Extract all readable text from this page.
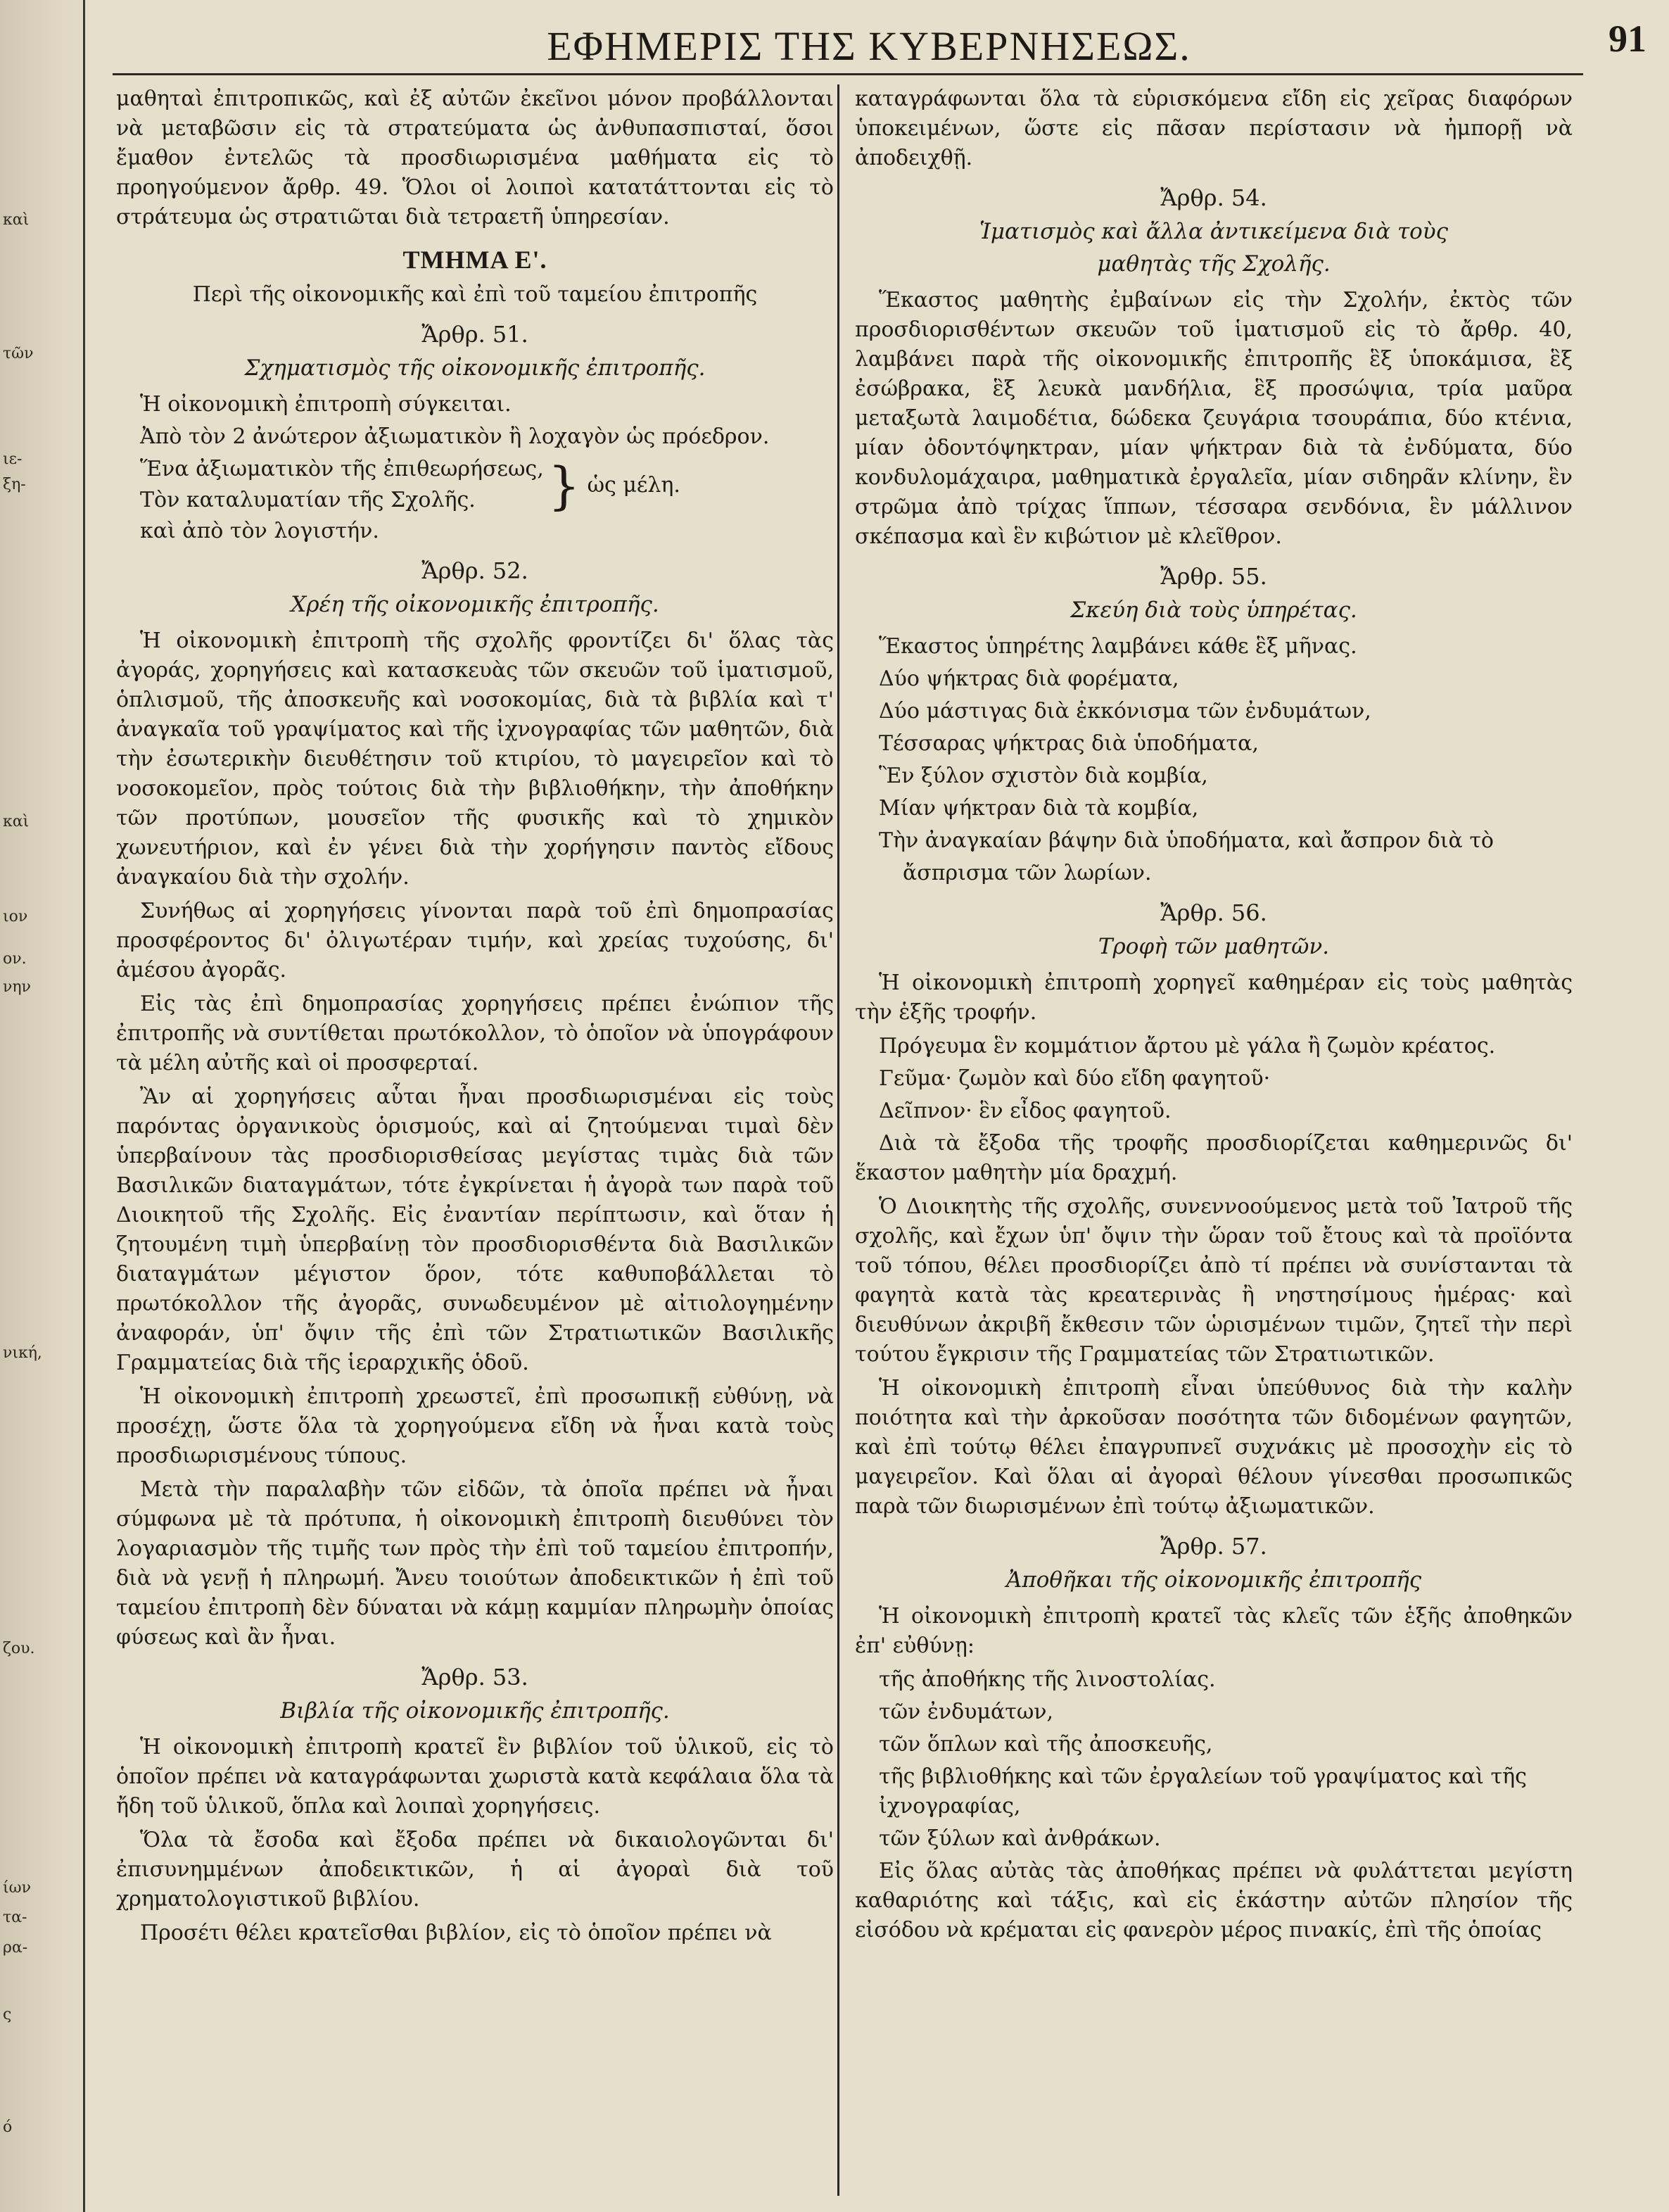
καὶ
τῶν
ιε-
ξη-
καὶ
ιον
ον.
νην
νική,
ζου.
ίων
τα-
ρα-
ς
ό
ΕΦΗΜΕΡΙΣ ΤΗΣ ΚΥΒΕΡΝΗΣΕΩΣ.	91

μαθηταὶ ἐπιτροπικῶς, καὶ ἐξ αὐτῶν ἐκεῖνοι μόνον προβάλλονται νὰ μεταβῶσιν εἰς τὰ στρατεύματα ὡς ἀνθυπασπισταί, ὅσοι ἔμαθον ἐντελῶς τὰ προσδιωρισμένα μαθήματα εἰς τὸ προηγούμενον ἄρθρ. 49. Ὅλοι οἱ λοιποὶ κατατάττονται εἰς τὸ στράτευμα ὡς στρατιῶται διὰ τετραετῆ ὑπηρεσίαν.

ΤΜΗΜΑ Ε'.
Περὶ τῆς οἰκονομικῆς καὶ ἐπὶ τοῦ ταμείου ἐπιτροπῆς
Ἄρθρ. 51.
Σχηματισμὸς τῆς οἰκονομικῆς ἐπιτροπῆς.
Ἡ οἰκονομικὴ ἐπιτροπὴ σύγκειται.
Ἀπὸ τὸν 2 ἀνώτερον ἀξιωματικὸν ἢ λοχαγὸν ὡς πρόεδρον.
Ἕνα ἀξιωματικὸν τῆς ἐπιθεωρήσεως,
Τὸν καταλυματίαν τῆς Σχολῆς.	} ὡς μέλη.
καὶ ἀπὸ τὸν λογιστήν.
Ἄρθρ. 52.
Χρέη τῆς οἰκονομικῆς ἐπιτροπῆς.

Ἡ οἰκονομικὴ ἐπιτροπὴ τῆς σχολῆς φροντίζει δι' ὅλας τὰς ἀγοράς, χορηγήσεις καὶ κατασκευὰς τῶν σκευῶν τοῦ ἱματισμοῦ, ὁπλισμοῦ, τῆς ἀποσκευῆς καὶ νοσοκομίας, διὰ τὰ βιβλία καὶ τ' ἀναγκαῖα τοῦ γραψίματος καὶ τῆς ἰχνογραφίας τῶν μαθητῶν, διὰ τὴν ἐσωτερικὴν διευθέτησιν τοῦ κτιρίου, τὸ μαγειρεῖον καὶ τὸ νοσοκομεῖον, πρὸς τούτοις διὰ τὴν βιβλιοθήκην, τὴν ἀποθήκην τῶν προτύπων, μουσεῖον τῆς φυσικῆς καὶ τὸ χημικὸν χωνευτήριον, καὶ ἐν γένει διὰ τὴν χορήγησιν παντὸς εἴδους ἀναγκαίου διὰ τὴν σχολήν.

Συνήθως αἱ χορηγήσεις γίνονται παρὰ τοῦ ἐπὶ δημοπρασίας προσφέροντος δι' ὀλιγωτέραν τιμήν, καὶ χρείας τυχούσης, δι' ἀμέσου ἀγορᾶς.

Εἰς τὰς ἐπὶ δημοπρασίας χορηγήσεις πρέπει ἐνώπιον τῆς ἐπιτροπῆς νὰ συντίθεται πρωτόκολλον, τὸ ὁποῖον νὰ ὑπογράφουν τὰ μέλη αὐτῆς καὶ οἱ προσφερταί.

Ἂν αἱ χορηγήσεις αὗται ἦναι προσδιωρισμέναι εἰς τοὺς παρόντας ὀργανικοὺς ὁρισμούς, καὶ αἱ ζητούμεναι τιμαὶ δὲν ὑπερβαίνουν τὰς προσδιορισθείσας μεγίστας τιμὰς διὰ τῶν Βασιλικῶν διαταγμάτων, τότε ἐγκρίνεται ἡ ἀγορὰ των παρὰ τοῦ Διοικητοῦ τῆς Σχολῆς. Εἰς ἐναντίαν περίπτωσιν, καὶ ὅταν ἡ ζητουμένη τιμὴ ὑπερβαίνῃ τὸν προσδιορισθέντα διὰ Βασιλικῶν διαταγμάτων μέγιστον ὅρον, τότε καθυποβάλλεται τὸ πρωτόκολλον τῆς ἀγορᾶς, συνωδευμένον μὲ αἰτιολογημένην ἀναφοράν, ὑπ' ὄψιν τῆς ἐπὶ τῶν Στρατιωτικῶν Βασιλικῆς Γραμματείας διὰ τῆς ἱεραρχικῆς ὁδοῦ.

Ἡ οἰκονομικὴ ἐπιτροπὴ χρεωστεῖ, ἐπὶ προσωπικῇ εὐθύνῃ, νὰ προσέχῃ, ὥστε ὅλα τὰ χορηγούμενα εἴδη νὰ ἦναι κατὰ τοὺς προσδιωρισμένους τύπους.

Μετὰ τὴν παραλαβὴν τῶν εἰδῶν, τὰ ὁποῖα πρέπει νὰ ἦναι σύμφωνα μὲ τὰ πρότυπα, ἡ οἰκονομικὴ ἐπιτροπὴ διευθύνει τὸν λογαριασμὸν τῆς τιμῆς των πρὸς τὴν ἐπὶ τοῦ ταμείου ἐπιτροπήν, διὰ νὰ γενῇ ἡ πληρωμή. Ἄνευ τοιούτων ἀποδεικτικῶν ἡ ἐπὶ τοῦ ταμείου ἐπιτροπὴ δὲν δύναται νὰ κάμῃ καμμίαν πληρωμὴν ὁποίας φύσεως καὶ ἂν ἦναι.

Ἄρθρ. 53.
Βιβλία τῆς οἰκονομικῆς ἐπιτροπῆς.

Ἡ οἰκονομικὴ ἐπιτροπὴ κρατεῖ ἓν βιβλίον τοῦ ὑλικοῦ, εἰς τὸ ὁποῖον πρέπει νὰ καταγράφωνται χωριστὰ κατὰ κεφάλαια ὅλα τὰ ἤδη τοῦ ὑλικοῦ, ὅπλα καὶ λοιπαὶ χορηγήσεις.

Ὅλα τὰ ἔσοδα καὶ ἔξοδα πρέπει νὰ δικαιολογῶνται δι' ἐπισυνημμένων ἀποδεικτικῶν, ἡ αἱ ἀγοραὶ διὰ τοῦ χρηματολογιστικοῦ βιβλίου.

Προσέτι θέλει κρατεῖσθαι βιβλίον, εἰς τὸ ὁποῖον πρέπει νὰ

καταγράφωνται ὅλα τὰ εὑρισκόμενα εἴδη εἰς χεῖρας διαφόρων ὑποκειμένων, ὥστε εἰς πᾶσαν περίστασιν νὰ ἠμπορῇ νὰ ἀποδειχθῇ.

Ἄρθρ. 54.
Ἱματισμὸς καὶ ἄλλα ἀντικείμενα διὰ τοὺς
μαθητὰς τῆς Σχολῆς.

Ἕκαστος μαθητὴς ἐμβαίνων εἰς τὴν Σχολήν, ἐκτὸς τῶν προσδιορισθέντων σκευῶν τοῦ ἱματισμοῦ εἰς τὸ ἄρθρ. 40, λαμβάνει παρὰ τῆς οἰκονομικῆς ἐπιτροπῆς ἓξ ὑποκάμισα, ἓξ ἐσώβρακα, ἓξ λευκὰ μανδήλια, ἓξ προσώψια, τρία μαῦρα μεταξωτὰ λαιμοδέτια, δώδεκα ζευγάρια τσουράπια, δύο κτένια, μίαν ὀδοντόψηκτραν, μίαν ψήκτραν διὰ τὰ ἐνδύματα, δύο κονδυλομάχαιρα, μαθηματικὰ ἐργαλεῖα, μίαν σιδηρᾶν κλίνην, ἓν στρῶμα ἀπὸ τρίχας ἵππων, τέσσαρα σενδόνια, ἓν μάλλινον σκέπασμα καὶ ἓν κιβώτιον μὲ κλεῖθρον.

Ἄρθρ. 55.
Σκεύη διὰ τοὺς ὑπηρέτας.
Ἕκαστος ὑπηρέτης λαμβάνει κάθε ἓξ μῆνας.
Δύο ψήκτρας διὰ φορέματα,
Δύο μάστιγας διὰ ἐκκόνισμα τῶν ἐνδυμάτων,
Τέσσαρας ψήκτρας διὰ ὑποδήματα,
Ἓν ξύλον σχιστὸν διὰ κομβία,
Μίαν ψήκτραν διὰ τὰ κομβία,
Τὴν ἀναγκαίαν βάψην διὰ ὑποδήματα, καὶ ἄσπρον διὰ τὸ
ἄσπρισμα τῶν λωρίων.
Ἄρθρ. 56.
Τροφὴ τῶν μαθητῶν.

Ἡ οἰκονομικὴ ἐπιτροπὴ χορηγεῖ καθημέραν εἰς τοὺς μαθητὰς τὴν ἑξῆς τροφήν.

Πρόγευμα ἓν κομμάτιον ἄρτου μὲ γάλα ἢ ζωμὸν κρέατος.
Γεῦμα· ζωμὸν καὶ δύο εἴδη φαγητοῦ·
Δεῖπνον· ἓν εἶδος φαγητοῦ.

Διὰ τὰ ἔξοδα τῆς τροφῆς προσδιορίζεται καθημερινῶς δι' ἕκαστον μαθητὴν μία δραχμή.

Ὁ Διοικητὴς τῆς σχολῆς, συνεννοούμενος μετὰ τοῦ Ἰατροῦ τῆς σχολῆς, καὶ ἔχων ὑπ' ὄψιν τὴν ὥραν τοῦ ἔτους καὶ τὰ προϊόντα τοῦ τόπου, θέλει προσδιορίζει ἀπὸ τί πρέπει νὰ συνίστανται τὰ φαγητὰ κατὰ τὰς κρεατερινὰς ἢ νηστησίμους ἡμέρας· καὶ διευθύνων ἀκριβῆ ἔκθεσιν τῶν ὡρισμένων τιμῶν, ζητεῖ τὴν περὶ τούτου ἔγκρισιν τῆς Γραμματείας τῶν Στρατιωτικῶν.

Ἡ οἰκονομικὴ ἐπιτροπὴ εἶναι ὑπεύθυνος διὰ τὴν καλὴν ποιότητα καὶ τὴν ἀρκοῦσαν ποσότητα τῶν διδομένων φαγητῶν, καὶ ἐπὶ τούτῳ θέλει ἐπαγρυπνεῖ συχνάκις μὲ προσοχὴν εἰς τὸ μαγειρεῖον. Καὶ ὅλαι αἱ ἀγοραὶ θέλουν γίνεσθαι προσωπικῶς παρὰ τῶν διωρισμένων ἐπὶ τούτῳ ἀξιωματικῶν.

Ἄρθρ. 57.
Ἀποθῆκαι τῆς οἰκονομικῆς ἐπιτροπῆς

Ἡ οἰκονομικὴ ἐπιτροπὴ κρατεῖ τὰς κλεῖς τῶν ἑξῆς ἀποθηκῶν ἐπ' εὐθύνῃ:

τῆς ἀποθήκης τῆς λινοστολίας.
τῶν ἐνδυμάτων,
τῶν ὅπλων καὶ τῆς ἀποσκευῆς,
τῆς βιβλιοθήκης καὶ τῶν ἐργαλείων τοῦ γραψίματος καὶ τῆς ἰχνογραφίας,
τῶν ξύλων καὶ ἀνθράκων.

Εἰς ὅλας αὐτὰς τὰς ἀποθήκας πρέπει νὰ φυλάττεται μεγίστη καθαριότης καὶ τάξις, καὶ εἰς ἑκάστην αὐτῶν πλησίον τῆς εἰσόδου νὰ κρέμαται εἰς φανερὸν μέρος πινακίς, ἐπὶ τῆς ὁποίας
